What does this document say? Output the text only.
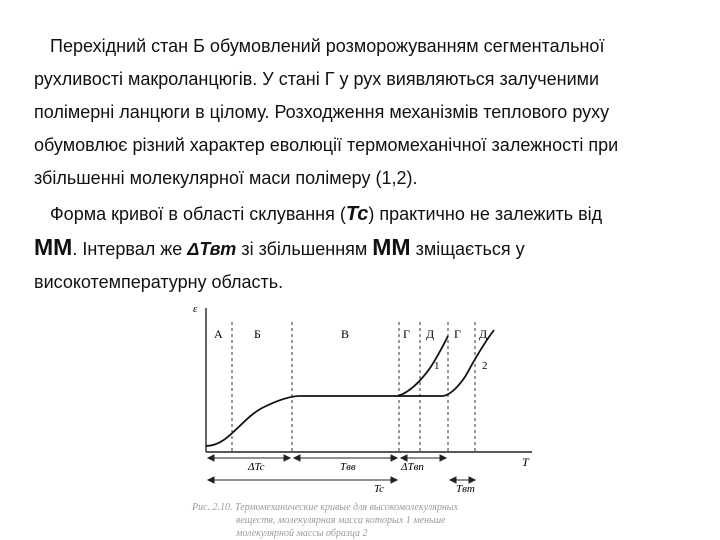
Перехідний стан Б обумовлений розморожуванням сегментальної
рухливості макроланцюгів. У стані Г у рух виявляються залученими
полімерні ланцюги в цілому. Розходження механізмів теплового руху
обумовлює різний характер еволюції термомеханічної залежності при
збільшенні молекулярної маси полімеру (1,2).

Форма кривої в області склування (Тс) практично не залежить від
ММ. Інтервал же ΔТвт зі збільшенням ММ зміщається у
високотемпературну область.

ε
T
А	Б	В	Г Д Г Д
1	2
ΔTc	Tвв	ΔTвп
Tc	Tвт
Рис. 2.10. Термомеханические кривые для высокомолекулярных
веществ, молекулярная масса которых 1 меньше
молекулярной массы образца 2
